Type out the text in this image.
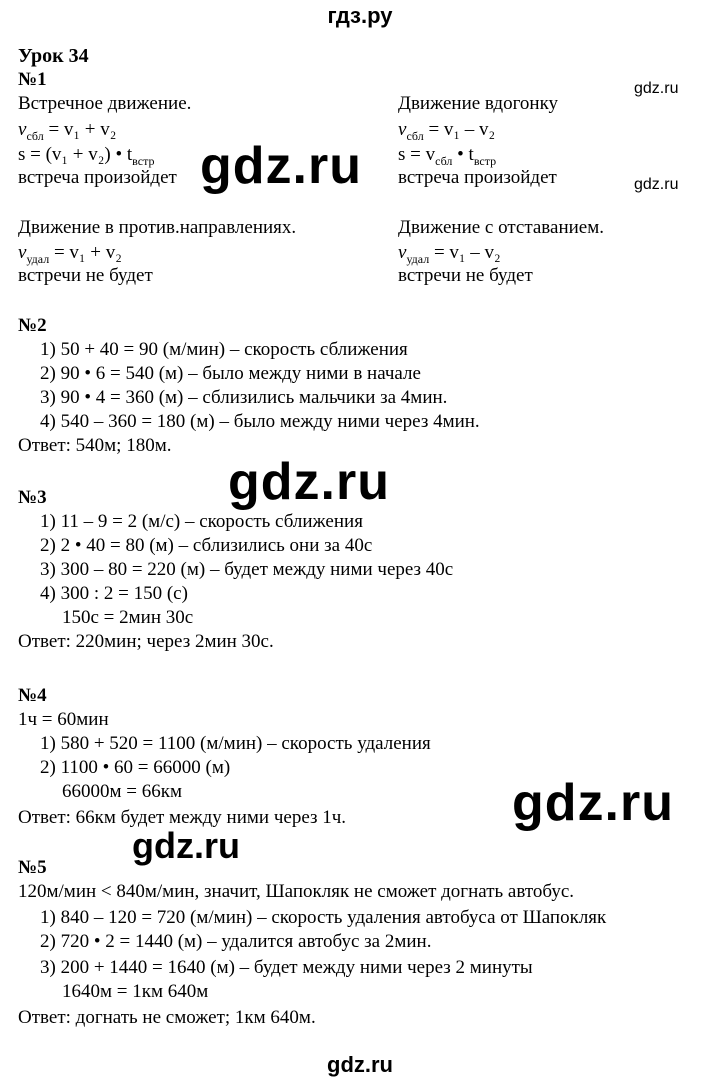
гдз.ру
gdz.ru
gdz.ru
gdz.ru
gdz.ru
gdz.ru
gdz.ru
gdz.ru
Урок 34
№1
Встречное движение.
$v_{сбл} = v_1 + v_2$
s = (v₁ + v₂) • $t_{встр}$
встреча произойдет
Движение вдогонку
$v_{сбл} = v_1 - v_2$
$s = v_{сбл}$ • $t_{встр}$
встреча произойдет
Движение в против.направлениях.
$v_{удал} = v_1 + v_2$
встречи не будет
Движение с отставанием.
$v_{удал} = v_1 - v_2$
встречи не будет
№2
1) 50 + 40 = 90 (м/мин) – скорость сближения
2) 90 • 6 = 540 (м) – было между ними в начале
3) 90 • 4 = 360 (м) – сблизились мальчики за 4мин.
4) 540 – 360 = 180 (м) – было между ними через 4мин.
Ответ: 540м; 180м.
№3
1) 11 – 9 = 2 (м/с) – скорость сближения
2) 2 • 40 = 80 (м) – сблизились они за 40с
3) 300 – 80 = 220 (м) – будет между ними через 40с
4) 300 : 2 = 150 (с)
150с = 2мин 30с
Ответ: 220мин; через 2мин 30с.
№4
1ч = 60мин
1) 580 + 520 = 1100 (м/мин) – скорость удаления
2) 1100 • 60 = 66000 (м)
66000м = 66км
Ответ: 66км будет между ними через 1ч.
№5
120м/мин < 840м/мин, значит, Шапокляк не сможет догнать автобус.
1) 840 – 120 = 720 (м/мин) – скорость удаления автобуса от Шапокляк
2) 720 • 2 = 1440 (м) – удалится автобус за 2мин.
3) 200 + 1440 = 1640 (м) – будет между ними через 2 минуты
1640м = 1км 640м
Ответ: догнать не сможет; 1км 640м.
